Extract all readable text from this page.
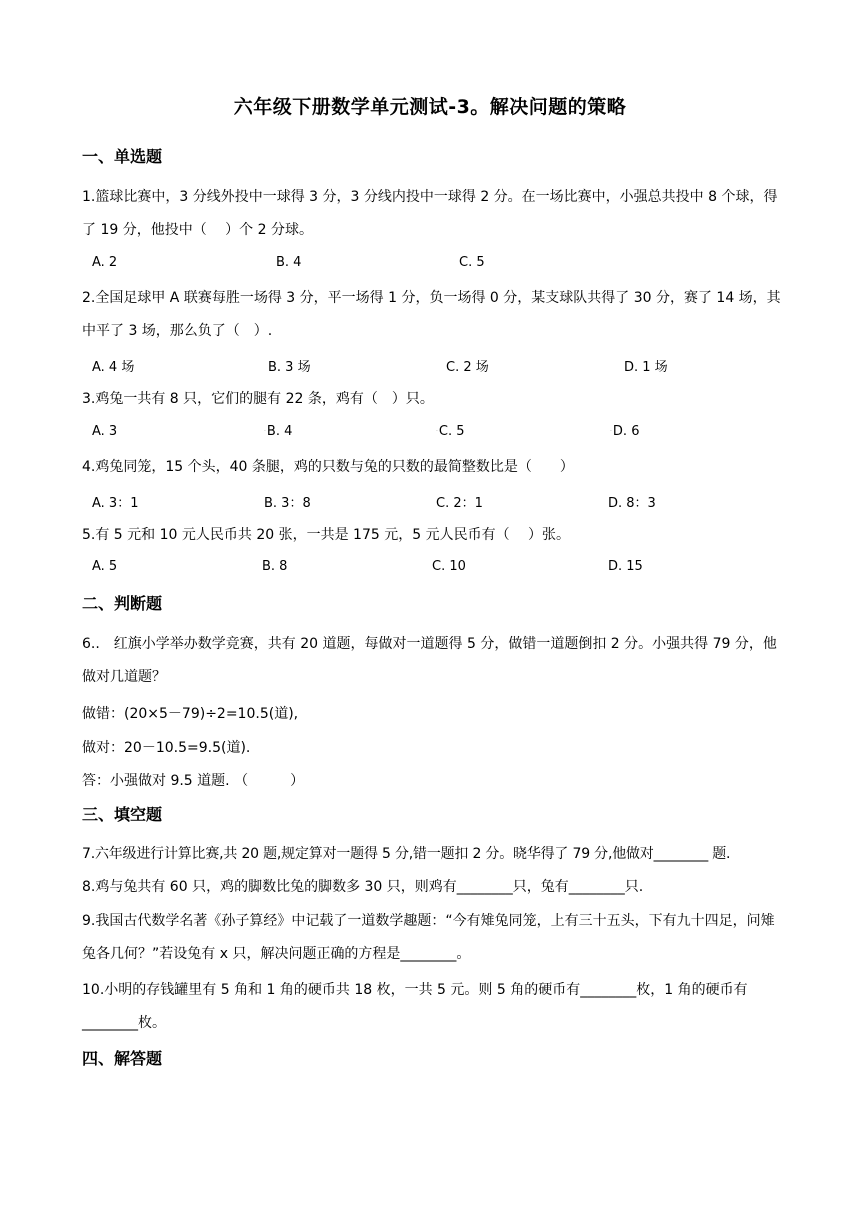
六年级下册数学单元测试-3。解决问题的策略
一、单选题
1.篮球比赛中，3 分线外投中一球得 3 分，3 分线内投中一球得 2 分。在一场比赛中，小强总共投中 8 个球，得了 19 分，他投中（　 ）个 2 分球。
A. 2	B. 4	C. 5
2.全国足球甲 A 联赛每胜一场得 3 分，平一场得 1 分，负一场得 0 分，某支球队共得了 30 分，赛了 14 场，其中平了 3 场，那么负了（　）.
A. 4 场	B. 3 场	C. 2 场	D. 1 场
3.鸡兔一共有 8 只，它们的腿有 22 条，鸡有（　）只。
A. 3	·B. 4	·C. 5	·D. 6
4.鸡兔同笼，15 个头，40 条腿，鸡的只数与兔的只数的最简整数比是（　　）
A. 3：1	B. 3：8	C. 2：1	D. 8：3
5.有 5 元和 10 元人民币共 20 张，一共是 175 元，5 元人民币有（　 ）张。
A. 5	B. 8	C. 10	D. 15
二、判断题
6..　红旗小学举办数学竞赛，共有 20 道题，每做对一道题得 5 分，做错一道题倒扣 2 分。小强共得 79 分，他做对几道题？
做错：(20×5－79)÷2=10.5(道),
做对：20－10.5=9.5(道).
答：小强做对 9.5 道题. （　　　）
三、填空题
7.六年级进行计算比赛,共 20 题,规定算对一题得 5 分,错一题扣 2 分。晓华得了 79 分,他做对________ 题.
8.鸡与兔共有 60 只，鸡的脚数比兔的脚数多 30 只，则鸡有________只，兔有________只.
9.我国古代数学名著《孙子算经》中记载了一道数学趣题：“今有雉兔同笼，上有三十五头，下有九十四足，问雉兔各几何？”若设兔有 x 只，解决问题正确的方程是________。
10.小明的存钱罐里有 5 角和 1 角的硬币共 18 枚，一共 5 元。则 5 角的硬币有________枚，1 角的硬币有________枚。
四、解答题
